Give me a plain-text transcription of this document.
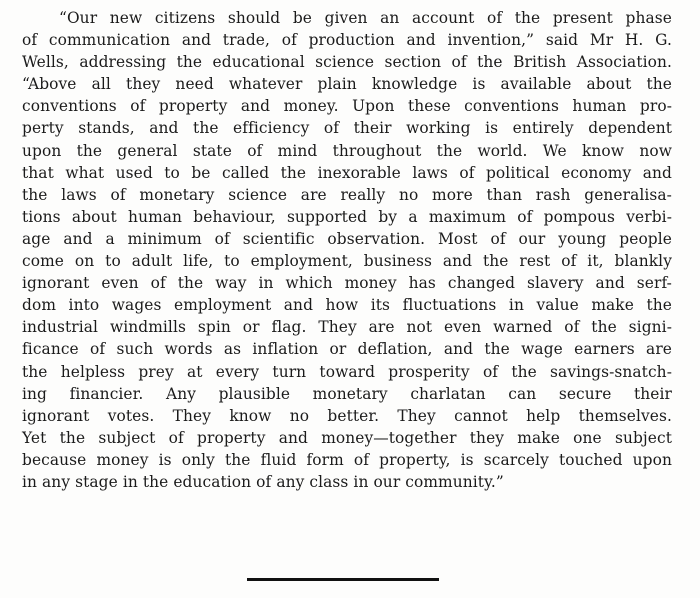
“Our new citizens should be given an account of the present phase
of communication and trade, of production and invention,” said Mr H. G.
Wells, addressing the educational science section of the British Association.
“Above all they need whatever plain knowledge is available about the
conventions of property and money. Upon these conventions human pro-
perty stands, and the efficiency of their working is entirely dependent
upon the general state of mind throughout the world. We know now
that what used to be called the inexorable laws of political economy and
the laws of monetary science are really no more than rash generalisa-
tions about human behaviour, supported by a maximum of pompous verbi-
age and a minimum of scientific observation. Most of our young people
come on to adult life, to employment, business and the rest of it, blankly
ignorant even of the way in which money has changed slavery and serf-
dom into wages employment and how its fluctuations in value make the
industrial windmills spin or flag. They are not even warned of the signi-
ficance of such words as inflation or deflation, and the wage earners are
the helpless prey at every turn toward prosperity of the savings-snatch-
ing financier. Any plausible monetary charlatan can secure their
ignorant votes. They know no better. They cannot help themselves.
Yet the subject of property and money—together they make one subject
because money is only the fluid form of property, is scarcely touched upon
in any stage in the education of any class in our community.”
